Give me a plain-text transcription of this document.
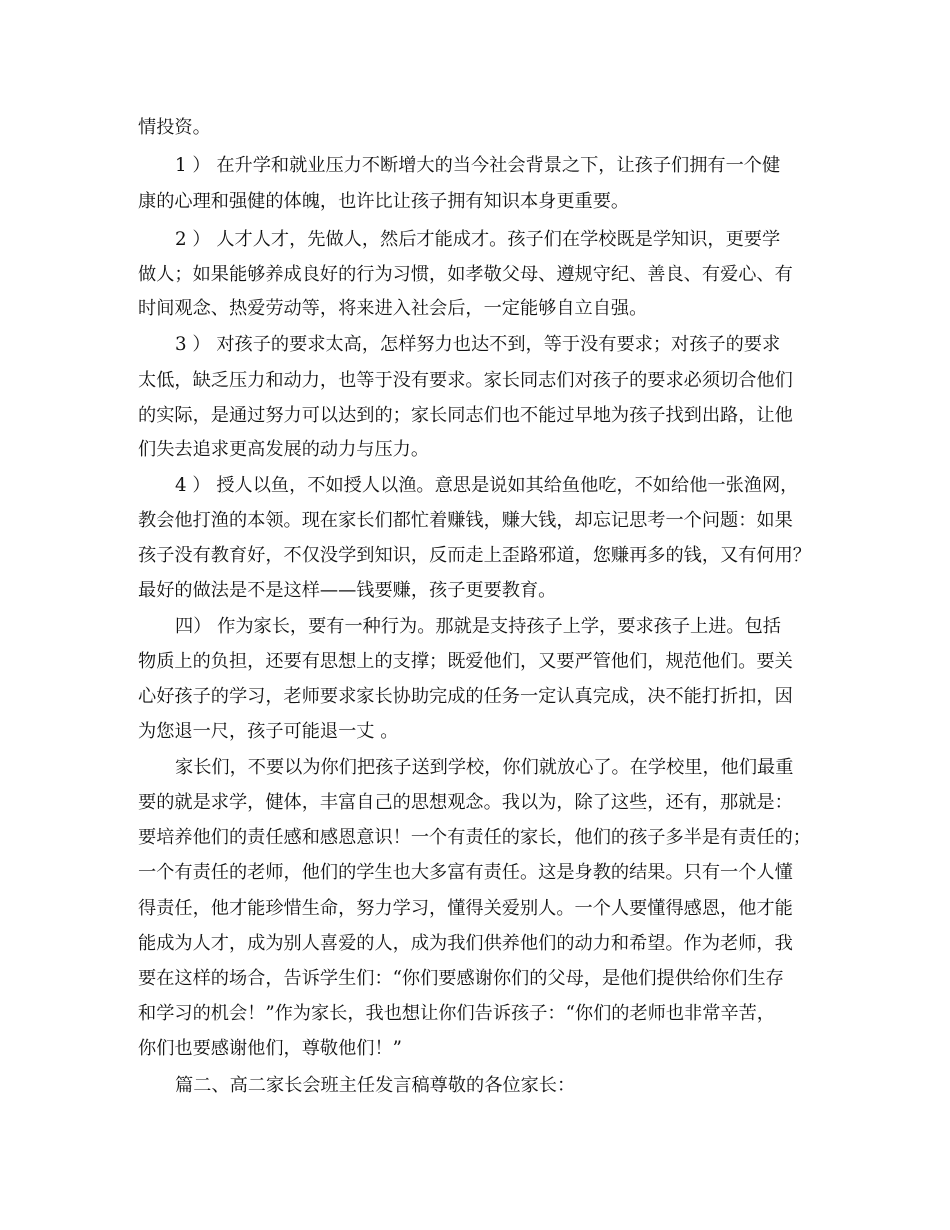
情投资。
1 ） 在升学和就业压力不断增大的当今社会背景之下，让孩子们拥有一个健
康的心理和强健的体魄，也许比让孩子拥有知识本身更重要。
2 ） 人才人才，先做人，然后才能成才。孩子们在学校既是学知识，更要学
做人；如果能够养成良好的行为习惯，如孝敬父母、遵规守纪、善良、有爱心、有
时间观念、热爱劳动等，将来进入社会后，一定能够自立自强。
3 ） 对孩子的要求太高，怎样努力也达不到，等于没有要求；对孩子的要求
太低，缺乏压力和动力，也等于没有要求。家长同志们对孩子的要求必须切合他们
的实际，是通过努力可以达到的；家长同志们也不能过早地为孩子找到出路，让他
们失去追求更高发展的动力与压力。
4 ） 授人以鱼，不如授人以渔。意思是说如其给鱼他吃，不如给他一张渔网，
教会他打渔的本领。现在家长们都忙着赚钱，赚大钱，却忘记思考一个问题：如果
孩子没有教育好，不仅没学到知识，反而走上歪路邪道，您赚再多的钱，又有何用？
最好的做法是不是这样——钱要赚，孩子更要教育。
四） 作为家长，要有一种行为。那就是支持孩子上学，要求孩子上进。包括
物质上的负担，还要有思想上的支撑；既爱他们，又要严管他们，规范他们。要关
心好孩子的学习，老师要求家长协助完成的任务一定认真完成，决不能打折扣，因
为您退一尺，孩子可能退一丈 。
家长们，不要以为你们把孩子送到学校，你们就放心了。在学校里，他们最重
要的就是求学，健体，丰富自己的思想观念。我以为，除了这些，还有，那就是：
要培养他们的责任感和感恩意识！一个有责任的家长，他们的孩子多半是有责任的；
一个有责任的老师，他们的学生也大多富有责任。这是身教的结果。只有一个人懂
得责任，他才能珍惜生命，努力学习，懂得关爱别人。一个人要懂得感恩，他才能
能成为人才，成为别人喜爱的人，成为我们供养他们的动力和希望。作为老师，我
要在这样的场合，告诉学生们：“你们要感谢你们的父母，是他们提供给你们生存
和学习的机会！”作为家长，我也想让你们告诉孩子：“你们的老师也非常辛苦，
你们也要感谢他们，尊敬他们！”
篇二、高二家长会班主任发言稿尊敬的各位家长：
